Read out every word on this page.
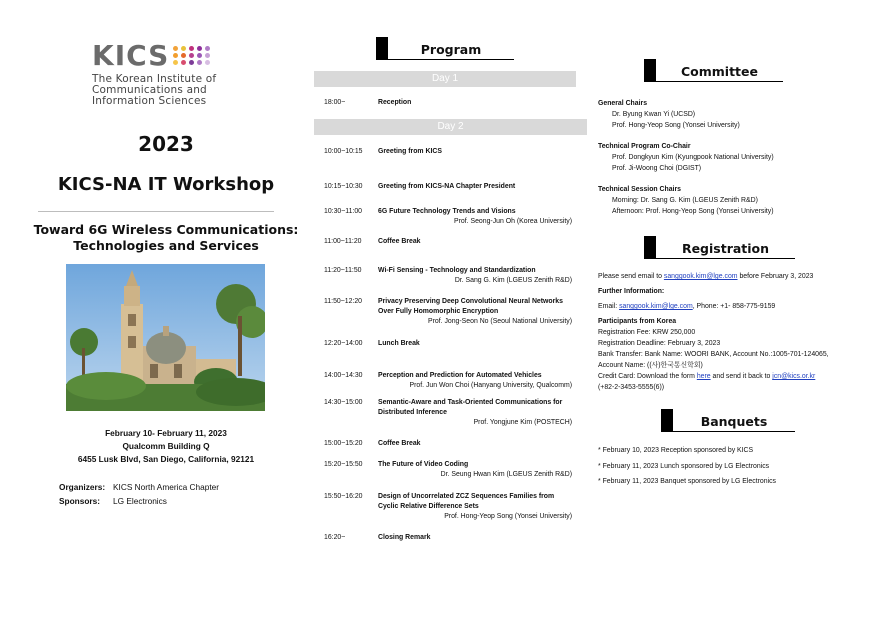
KICS
The Korean Institute of
Communications and
Information Sciences
2023
KICS-NA IT Workshop
Toward 6G Wireless Communications:
Technologies and Services
February 10- February 11, 2023
Qualcomm Building Q
6455 Lusk Blvd, San Diego, California, 92121
Organizers: KICS North America Chapter
Sponsors:	LG Electronics
Program
Day 1
Day 2
18:00~	Reception
10:00~10:15	Greeting from KICS
10:15~10:30	Greeting from KICS-NA Chapter President
10:30~11:00	6G Future Technology Trends and Visions
Prof. Seong-Jun Oh (Korea University)
11:00~11:20	Coffee Break
11:20~11:50	Wi-Fi Sensing - Technology and Standardization
Dr. Sang G. Kim (LGEUS Zenith R&D)
11:50~12:20	Privacy Preserving Deep Convolutional Neural Networks Over Fully Homomorphic Encryption
Prof. Jong-Seon No (Seoul National University)
12:20~14:00	Lunch Break
14:00~14:30	Perception and Prediction for Automated Vehicles
Prof. Jun Won Choi (Hanyang University, Qualcomm)
14:30~15:00	Semantic-Aware and Task-Oriented Communications for Distributed Inference
Prof. Yongjune Kim (POSTECH)
15:00~15:20	Coffee Break
15:20~15:50	The Future of Video Coding
Dr. Seung Hwan Kim (LGEUS Zenith R&D)
15:50~16:20	Design of Uncorrelated ZCZ Sequences Families from Cyclic Relative Difference Sets
Prof. Hong-Yeop Song (Yonsei University)
16:20~	Closing Remark
Committee
General Chairs
Dr. Byung Kwan Yi (UCSD)
Prof. Hong-Yeop Song (Yonsei University)
Technical Program Co-Chair
Prof. Dongkyun Kim (Kyungpook National University)
Prof. Ji-Woong Choi (DGIST)
Technical Session Chairs
Morning: Dr. Sang G. Kim (LGEUS Zenith R&D)
Afternoon: Prof. Hong-Yeop Song (Yonsei University)
Registration
Please send email to sanggook.kim@lge.com before February 3, 2023
Further Information:
Email: sanggook.kim@lge.com, Phone: +1- 858-775-9159
Participants from Korea
Registration Fee: KRW 250,000
Registration Deadline: February 3, 2023
Bank Transfer: Bank Name: WOORI BANK, Account No.:1005-701-124065,
Account Name: ((사)한국통신학회)
Credit Card: Download the form here and send it back to jcn@kics.or.kr
(+82-2-3453-5555(6))
Banquets
* February 10, 2023 Reception sponsored by KICS
* February 11, 2023 Lunch sponsored by LG Electronics
* February 11, 2023 Banquet sponsored by LG Electronics
